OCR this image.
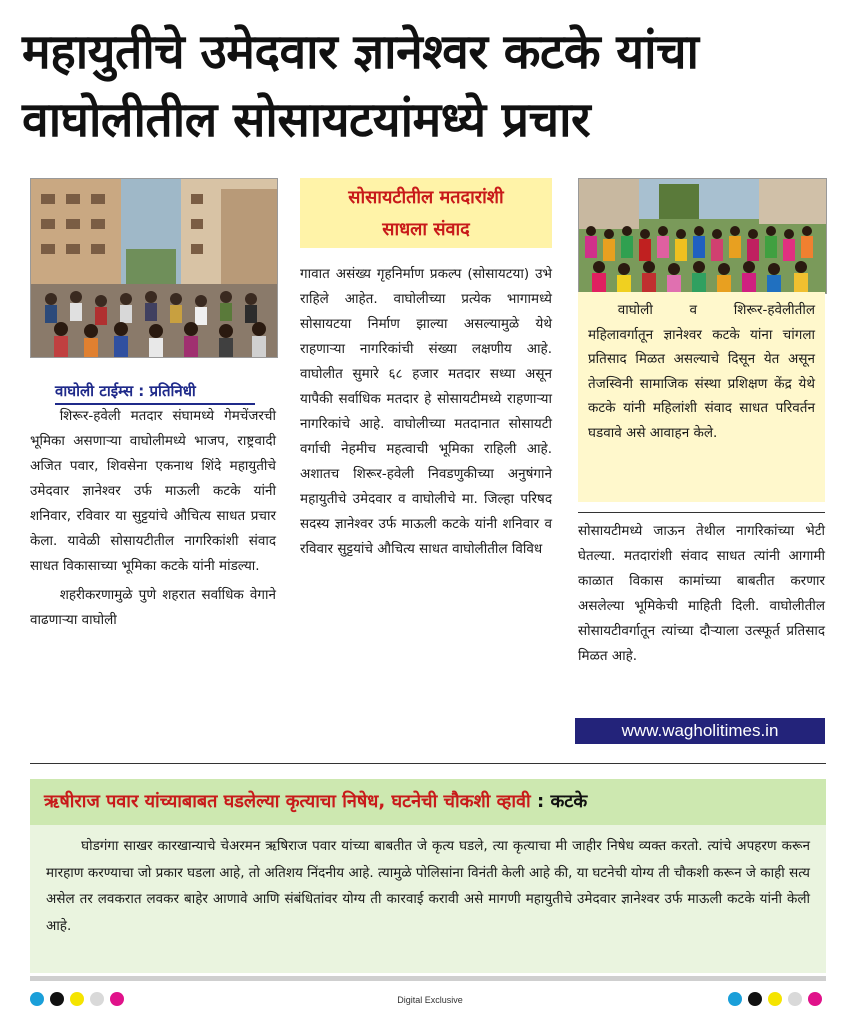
महायुतीचे उमेदवार ज्ञानेश्वर कटके यांचा
वाघोलीतील सोसायटयांमध्ये प्रचार
वाघोली टाईम्स : प्रतिनिधी

शिरूर-हवेली मतदार संघामध्ये गेमचेंजरची भूमिका असणाऱ्या वाघोलीमध्ये भाजप, राष्ट्रवादी अजित पवार, शिवसेना एकनाथ शिंदे महायुतीचे उमेदवार ज्ञानेश्वर उर्फ माऊली कटके यांनी शनिवार, रविवार या सुट्टयांचे औचित्य साधत प्रचार केला. यावेळी सोसायटीतील नागरिकांशी संवाद साधत विकासाच्या भूमिका कटके यांनी मांडल्या.

शहरीकरणामुळे पुणे शहरात सर्वाधिक वेगाने वाढणाऱ्या वाघोली

सोसायटीतील मतदारांशी
साधला संवाद

गावात असंख्य गृहनिर्माण प्रकल्प (सोसायटया) उभे राहिले आहेत. वाघोलीच्या प्रत्येक भागामध्ये सोसायटया निर्माण झाल्या असल्यामुळे येथे राहणाऱ्या नागरिकांची संख्या लक्षणीय आहे. वाघोलीत सुमारे ६८ हजार मतदार सध्या असून यापैकी सर्वाधिक मतदार हे सोसायटीमध्ये राहणाऱ्या नागरिकांचे आहे. वाघोलीच्या मतदानात सोसायटी वर्गाची नेहमीच महत्वाची भूमिका राहिली आहे. अशातच शिरूर-हवेली निवडणुकीच्या अनुषंगाने महायुतीचे उमेदवार व वाघोलीचे मा. जिल्हा परिषद सदस्य ज्ञानेश्वर उर्फ माऊली कटके यांनी शनिवार व रविवार सुट्टयांचे औचित्य साधत वाघोलीतील विविध

वाघोली व शिरूर-हवेलीतील महिलावर्गातून ज्ञानेश्वर कटके यांना चांगला प्रतिसाद मिळत असल्याचे दिसून येत असून तेजस्विनी सामाजिक संस्था प्रशिक्षण केंद्र येथे कटके यांनी महिलांशी संवाद साधत परिवर्तन घडवावे असे आवाहन केले.

सोसायटीमध्ये जाऊन तेथील नागरिकांच्या भेटी घेतल्या. मतदारांशी संवाद साधत त्यांनी आगामी काळात विकास कामांच्या बाबतीत करणार असलेल्या भूमिकेची माहिती दिली. वाघोलीतील सोसायटीवर्गातून त्यांच्या दौऱ्याला उत्स्फूर्त प्रतिसाद मिळत आहे.

www.wagholitimes.in
ऋषीराज पवार यांच्याबाबत घडलेल्या कृत्याचा निषेध, घटनेची चौकशी व्हावी : कटके

घोडगंगा साखर कारखान्याचे चेअरमन ऋषिराज पवार यांच्या बाबतीत जे कृत्य घडले, त्या कृत्याचा मी जाहीर निषेध व्यक्त करतो. त्यांचे अपहरण करून मारहाण करण्याचा जो प्रकार घडला आहे, तो अतिशय निंदनीय आहे. त्यामुळे पोलिसांना विनंती केली आहे की, या घटनेची योग्य ती चौकशी करून जे काही सत्य असेल तर लवकरात लवकर बाहेर आणावे आणि संबंधितांवर योग्य ती कारवाई करावी असे मागणी महायुतीचे उमेदवार ज्ञानेश्वर उर्फ माऊली कटके यांनी केली आहे.

Digital Exclusive
